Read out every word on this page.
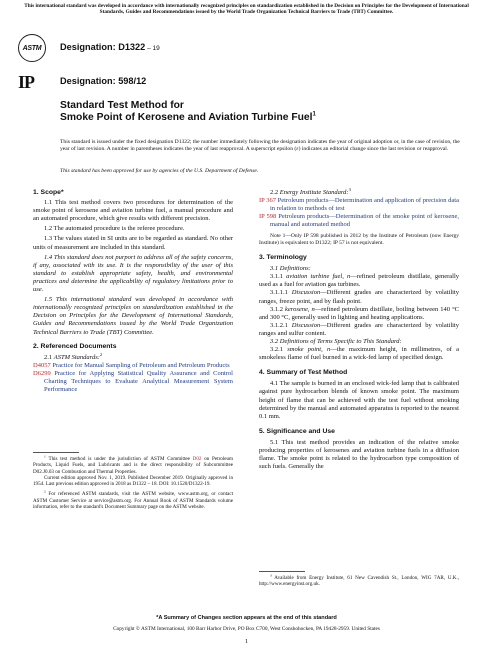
This international standard was developed in accordance with internationally recognized principles on standardization established in the Decision on Principles for the Development of International Standards, Guides and Recommendations issued by the World Trade Organization Technical Barriers to Trade (TBT) Committee.
ASTM Designation: D1322 – 19
IP	Designation: 598/12
Standard Test Method for
Smoke Point of Kerosene and Aviation Turbine Fuel$^1$
This standard is issued under the fixed designation D1322; the number immediately following the designation indicates the year of original adoption or, in the case of revision, the year of last revision. A number in parentheses indicates the year of last reapproval. A superscript epsilon (ε) indicates an editorial change since the last revision or reapproval.
This standard has been approved for use by agencies of the U.S. Department of Defense.
1. Scope*

1.1 This test method covers two procedures for determination of the smoke point of kerosene and aviation turbine fuel, a manual procedure and an automated procedure, which give results with different precision.

1.2 The automated procedure is the referee procedure.

1.3 The values stated in SI units are to be regarded as standard. No other units of measurement are included in this standard.

1.4 This standard does not purport to address all of the safety concerns, if any, associated with its use. It is the responsibility of the user of this standard to establish appropriate safety, health, and environmental practices and determine the applicability of regulatory limitations prior to use.

1.5 This international standard was developed in accordance with internationally recognized principles on standardization established in the Decision on Principles for the Development of International Standards, Guides and Recommendations issued by the World Trade Organization Technical Barriers to Trade (TBT) Committee.

2. Referenced Documents

2.1 ASTM Standards:$^2$

D4057 Practice for Manual Sampling of Petroleum and Petroleum Products

D6299 Practice for Applying Statistical Quality Assurance and Control Charting Techniques to Evaluate Analytical Measurement System Performance

$^1$ This test method is under the jurisdiction of ASTM Committee D02 on Petroleum Products, Liquid Fuels, and Lubricants and is the direct responsibility of Subcommittee D02.J0.03 on Combustion and Thermal Properties.

Current edition approved Nov. 1, 2019. Published December 2019. Originally approved in 1954. Last previous edition approved in 2018 as D1322 – 18. DOI: 10.1520/D1322-19.

$^2$ For referenced ASTM standards, visit the ASTM website, www.astm.org, or contact ASTM Customer Service at service@astm.org. For Annual Book of ASTM Standards volume information, refer to the standard's Document Summary page on the ASTM website.

2.2 Energy Institute Standard:$^3$

IP 367 Petroleum products—Determination and application of precision data in relation to methods of test

IP 598 Petroleum products—Determination of the smoke point of kerosene, manual and automated method

Note 1—Only IP 598 published in 2012 by the Institute of Petroleum (now Energy Institute) is equivalent to D1322; IP 57 is not equivalent.

3. Terminology

3.1 Definitions:

3.1.1 aviation turbine fuel, n—refined petroleum distillate, generally used as a fuel for aviation gas turbines.

3.1.1.1 Discussion—Different grades are characterized by volatility ranges, freeze point, and by flash point.

3.1.2 kerosene, n—refined petroleum distillate, boiling between 140 °C and 300 °C, generally used in lighting and heating applications.

3.1.2.1 Discussion—Different grades are characterized by volatility ranges and sulfur content.

3.2 Definitions of Terms Specific to This Standard:

3.2.1 smoke point, n—the maximum height, in millimetres, of a smokeless flame of fuel burned in a wick-fed lamp of specified design.

4. Summary of Test Method

4.1 The sample is burned in an enclosed wick-fed lamp that is calibrated against pure hydrocarbon blends of known smoke point. The maximum height of flame that can be achieved with the test fuel without smoking determined by the manual and automated apparatus is reported to the nearest 0.1 mm.

5. Significance and Use

5.1 This test method provides an indication of the relative smoke producing properties of kerosenes and aviation turbine fuels in a diffusion flame. The smoke point is related to the hydrocarbon type composition of such fuels. Generally the

$^3$ Available from Energy Institute, 61 New Cavendish St., London, WIG 7AR, U.K., http://www.energyinst.org.uk.

*A Summary of Changes section appears at the end of this standard
Copyright © ASTM International, 100 Barr Harbor Drive, PO Box C700, West Conshohocken, PA 19428-2959. United States
1
